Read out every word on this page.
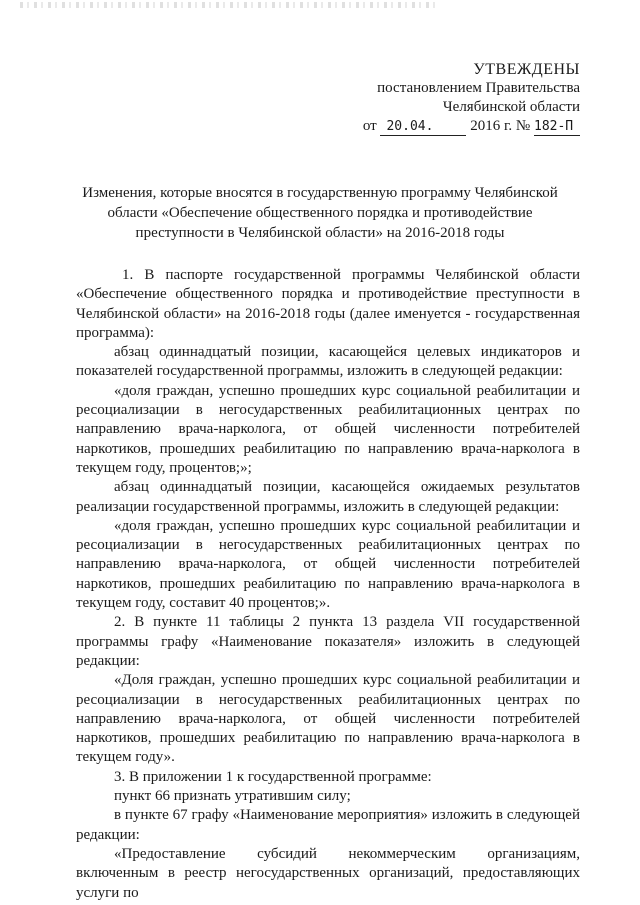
УТВЕЖДЕНЫ
постановлением Правительства
Челябинской области
от 20.04. 2016 г. № 182-П
Изменения, которые вносятся в государственную программу Челябинской
области «Обеспечение общественного порядка и противодействие
преступности в Челябинской области» на 2016-2018 годы

1. В паспорте государственной программы Челябинской области «Обеспечение общественного порядка и противодействие преступности в Челябинской области» на 2016-2018 годы (далее именуется - государственная программа):

абзац одиннадцатый позиции, касающейся целевых индикаторов и показателей государственной программы, изложить в следующей редакции:

«доля граждан, успешно прошедших курс социальной реабилитации и ресоциализации в негосударственных реабилитационных центрах по направлению врача-нарколога, от общей численности потребителей наркотиков, прошедших реабилитацию по направлению врача-нарколога в текущем году, процентов;»;

абзац одиннадцатый позиции, касающейся ожидаемых результатов реализации государственной программы, изложить в следующей редакции:

«доля граждан, успешно прошедших курс социальной реабилитации и ресоциализации в негосударственных реабилитационных центрах по направлению врача-нарколога, от общей численности потребителей наркотиков, прошедших реабилитацию по направлению врача-нарколога в текущем году, составит 40 процентов;».

2. В пункте 11 таблицы 2 пункта 13 раздела VII государственной программы графу «Наименование показателя» изложить в следующей редакции:

«Доля граждан, успешно прошедших курс социальной реабилитации и ресоциализации в негосударственных реабилитационных центрах по направлению врача-нарколога, от общей численности потребителей наркотиков, прошедших реабилитацию по направлению врача-нарколога в текущем году».

3. В приложении 1 к государственной программе:

пункт 66 признать утратившим силу;

в пункте 67 графу «Наименование мероприятия» изложить в следующей редакции:

«Предоставление субсидий некоммерческим организациям, включенным в реестр негосударственных организаций, предоставляющих услуги по
